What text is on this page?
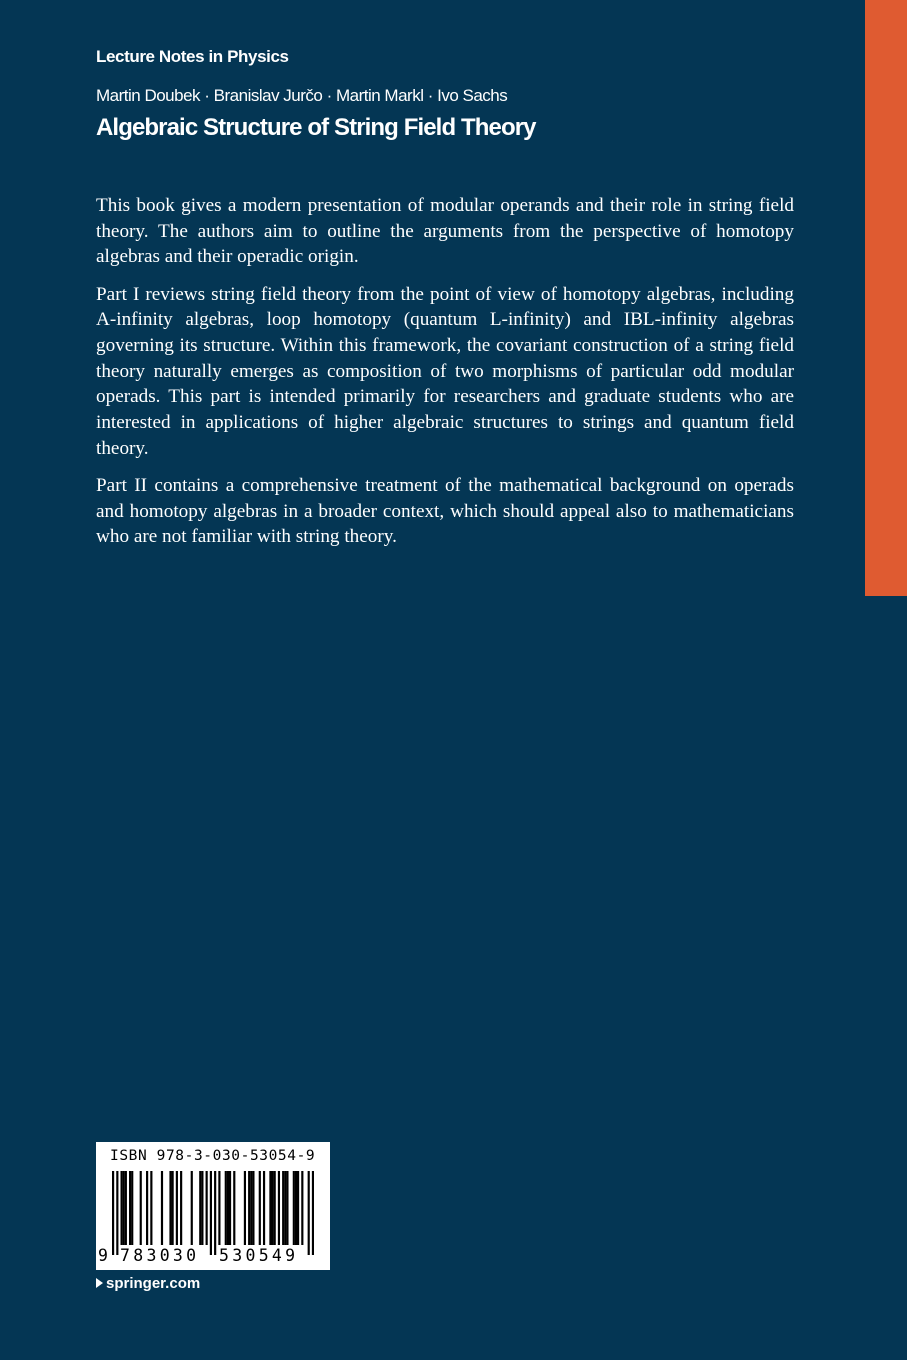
Lecture Notes in Physics
Martin Doubek · Branislav Jurčo · Martin Markl · Ivo Sachs
Algebraic Structure of String Field Theory

This book gives a modern presentation of modular operands and their role in string field theory. The authors aim to outline the arguments from the perspective of homotopy algebras and their operadic origin.

Part I reviews string field theory from the point of view of homotopy algebras, including A-infinity algebras, loop homotopy (quantum L-infinity) and IBL-infinity algebras governing its structure. Within this framework, the covariant construction of a string field theory naturally emerges as composition of two morphisms of particular odd modular operads. This part is intended primarily for researchers and graduate students who are interested in applications of higher algebraic structures to strings and quantum field theory.

Part II contains a comprehensive treatment of the mathematical background on operads and homotopy algebras in a broader context, which should appeal also to mathematicians who are not familiar with string theory.

ISBN 978-3-030-53054-9
9 783030 530549
springer.com
